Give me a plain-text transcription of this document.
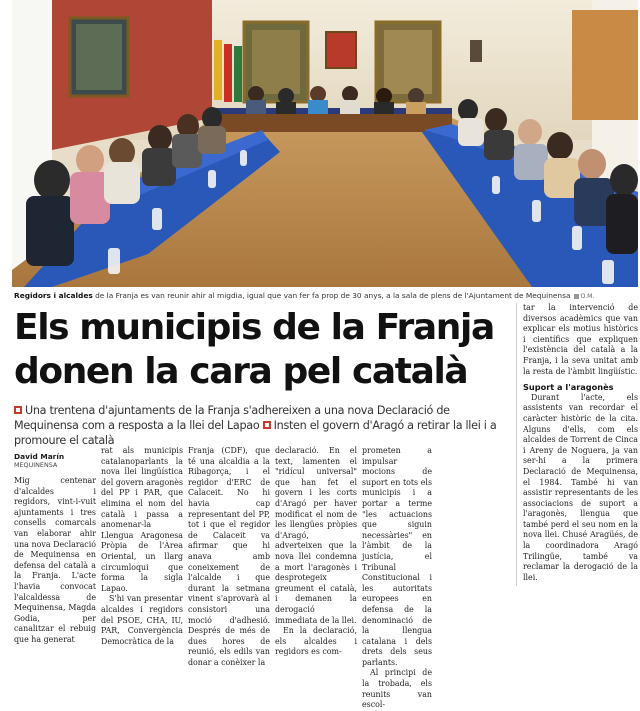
Regidors i alcaldes de la Franja es van reunir ahir al migdia, igual que van fer fa prop de 30 anys, a la sala de plens de l'Ajuntament de Mequinensa O.M.
Els municipis de la Franja
donen la cara pel català
Una trentena d'ajuntaments de la Franja s'adhereixen a una nova Declaració de Mequinensa com a resposta a la llei del Lapao Insten el govern d'Aragó a retirar la llei i a promoure el català
David Marín
MEQUINENSA

Mig centenar d'alcaldes i regidors, vint-i-vuit ajuntaments i tres consells comarcals van elaborar ahir una nova Declaració de Mequinensa en defensa del català a la Franja. L'acte l'havia convocat l'alcaldessa de Mequinensa, Magda Godia, per canalitzar el rebuig que ha generat

rat als municipis catalanoparlants la nova llei lingüística del govern aragonès del PP i PAR, que elimina el nom del català i passa a anomenar-la Llengua Aragonesa Pròpia de l'Àrea Oriental, un llarg circumloqui que forma la sigla Lapao.

S'hi van presentar alcaldes i regidors del PSOE, CHA, IU, PAR, Convergència Democràtica de la

Franja (CDF), que té una alcaldia a la Ribagorça, i el regidor d'ERC de Calaceit. No hi havia cap representant del PP, tot i que el regidor de Calaceit va afirmar que hi anava amb coneixement de l'alcalde i que durant la setmana vinent s'aprovarà al consistori una moció d'adhesió. Després de més de dues hores de reunió, els edils van donar a conèixer la

declaració. En el text, lamenten el "ridícul universal" que han fet el govern i les corts d'Aragó per haver modificat el nom de les llengües pròpies d'Aragó, adverteixen que la nova llei condemna a mort l'aragonès i desprotegeix greument el català, i demanen la derogació immediata de la llei.

En la declaració, els alcaldes i regidors es com-

prometen a impulsar mocions de suport en tots els municipis i a portar a terme "les actuacions que siguin necessàries" en l'àmbit de la justícia, el Tribunal Constitucional i les autoritats europees en defensa de la denominació de la llengua catalana i dels drets dels seus parlants.

Al principi de la trobada, els reunits van escol-

tar la intervenció de diversos acadèmics que van explicar els motius històrics i científics que expliquen l'existència del català a la Franja, i la seva unitat amb la resta de l'àmbit lingüístic.

Suport a l'aragonès

Durant l'acte, els assistents van recordar el caràcter històric de la cita. Alguns d'ells, com els alcaldes de Torrent de Cinca i Areny de Noguera, ja van ser-hi a la primera Declaració de Mequinensa, el 1984. També hi van assistir representants de les associacions de suport a l'aragonès, llengua que també perd el seu nom en la nova llei. Chusé Aragüés, de la coordinadora Aragó Trilingüe, també va reclamar la derogació de la llei.
